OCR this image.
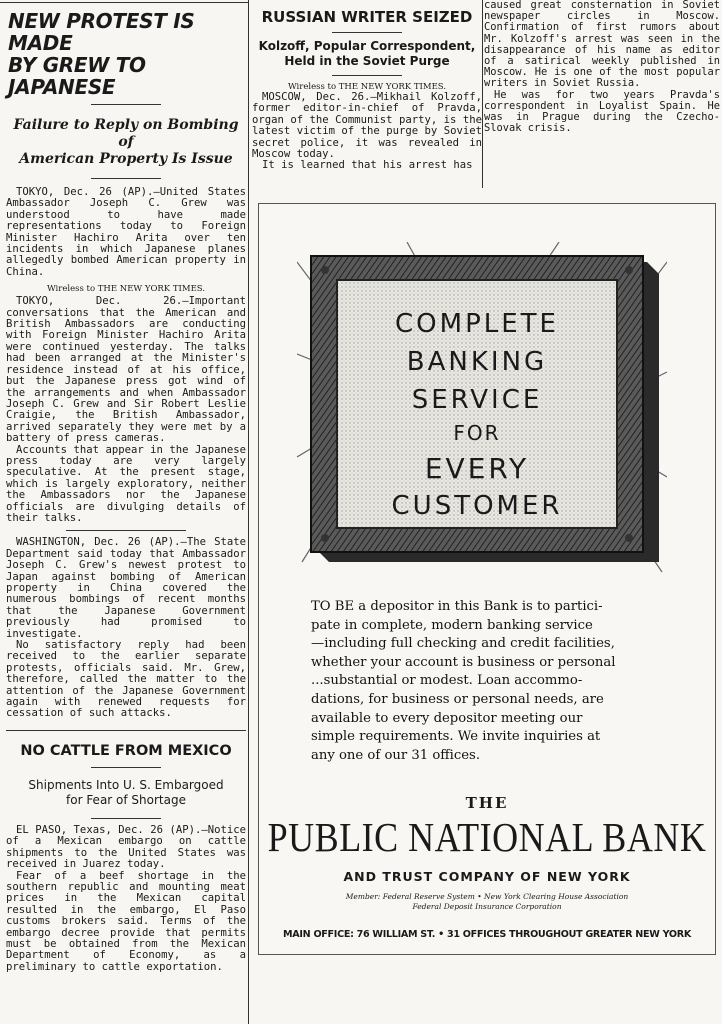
NEW PROTEST IS MADE
BY GREW TO JAPANESE
Failure to Reply on Bombing of
American Property Is Issue

TOKYO, Dec. 26 (AP).—United States Ambassador Joseph C. Grew was understood to have made representations today to Foreign Minister Hachiro Arita over ten incidents in which Japanese planes allegedly bombed American property in China.

Wireless to THE NEW YORK TIMES.

TOKYO, Dec. 26.—Important conversations that the American and British Ambassadors are conducting with Foreign Minister Hachiro Arita were continued yesterday. The talks had been arranged at the Minister's residence instead of at his office, but the Japanese press got wind of the arrangements and when Ambassador Joseph C. Grew and Sir Robert Leslie Craigie, the British Ambassador, arrived separately they were met by a battery of press cameras.
Accounts that appear in the Japanese press today are very largely speculative. At the present stage, which is largely exploratory, neither the Ambassadors nor the Japanese officials are divulging details of their talks.

WASHINGTON, Dec. 26 (AP).—The State Department said today that Ambassador Joseph C. Grew's newest protest to Japan against bombing of American property in China covered the numerous bombings of recent months that the Japanese Government previously had promised to investigate.
No satisfactory reply had been received to the earlier separate protests, officials said. Mr. Grew, therefore, called the matter to the attention of the Japanese Government again with renewed requests for cessation of such attacks.

NO CATTLE FROM MEXICO
Shipments Into U. S. Embargoed
for Fear of Shortage

EL PASO, Texas, Dec. 26 (AP).—Notice of a Mexican embargo on cattle shipments to the United States was received in Juarez today.
Fear of a beef shortage in the southern republic and mounting meat prices in the Mexican capital resulted in the embargo, El Paso customs brokers said. Terms of the embargo decree provide that permits must be obtained from the Mexican Department of Economy, as a preliminary to cattle exportation.

RUSSIAN WRITER SEIZED
Kolzoff, Popular Correspondent,
Held in the Soviet Purge
Wireless to THE NEW YORK TIMES.

MOSCOW, Dec. 26.—Mikhail Kolzoff, former editor-in-chief of Pravda, organ of the Communist party, is the latest victim of the purge by Soviet secret police, it was revealed in Moscow today.
It is learned that his arrest has

caused great consternation in Soviet newspaper circles in Moscow. Confirmation of first rumors about Mr. Kolzoff's arrest was seen in the disappearance of his name as editor of a satirical weekly published in Moscow. He is one of the most popular writers in Soviet Russia.
He was for two years Pravda's correspondent in Loyalist Spain. He was in Prague during the Czecho-Slovak crisis.

COMPLETE
BANKING
SERVICE
FOR
EVERY
CUSTOMER
TO BE a depositor in this Bank is to partici-
pate in complete, modern banking service
—including full checking and credit facilities,
whether your account is business or personal
...substantial or modest. Loan accommo-
dations, for business or personal needs, are
available to every depositor meeting our
simple requirements. We invite inquiries at
any one of our 31 offices.
THE
PUBLIC NATIONAL BANK
AND TRUST COMPANY OF NEW YORK
Member: Federal Reserve System • New York Clearing House Association
Federal Deposit Insurance Corporation
MAIN OFFICE: 76 WILLIAM ST. • 31 OFFICES THROUGHOUT GREATER NEW YORK
